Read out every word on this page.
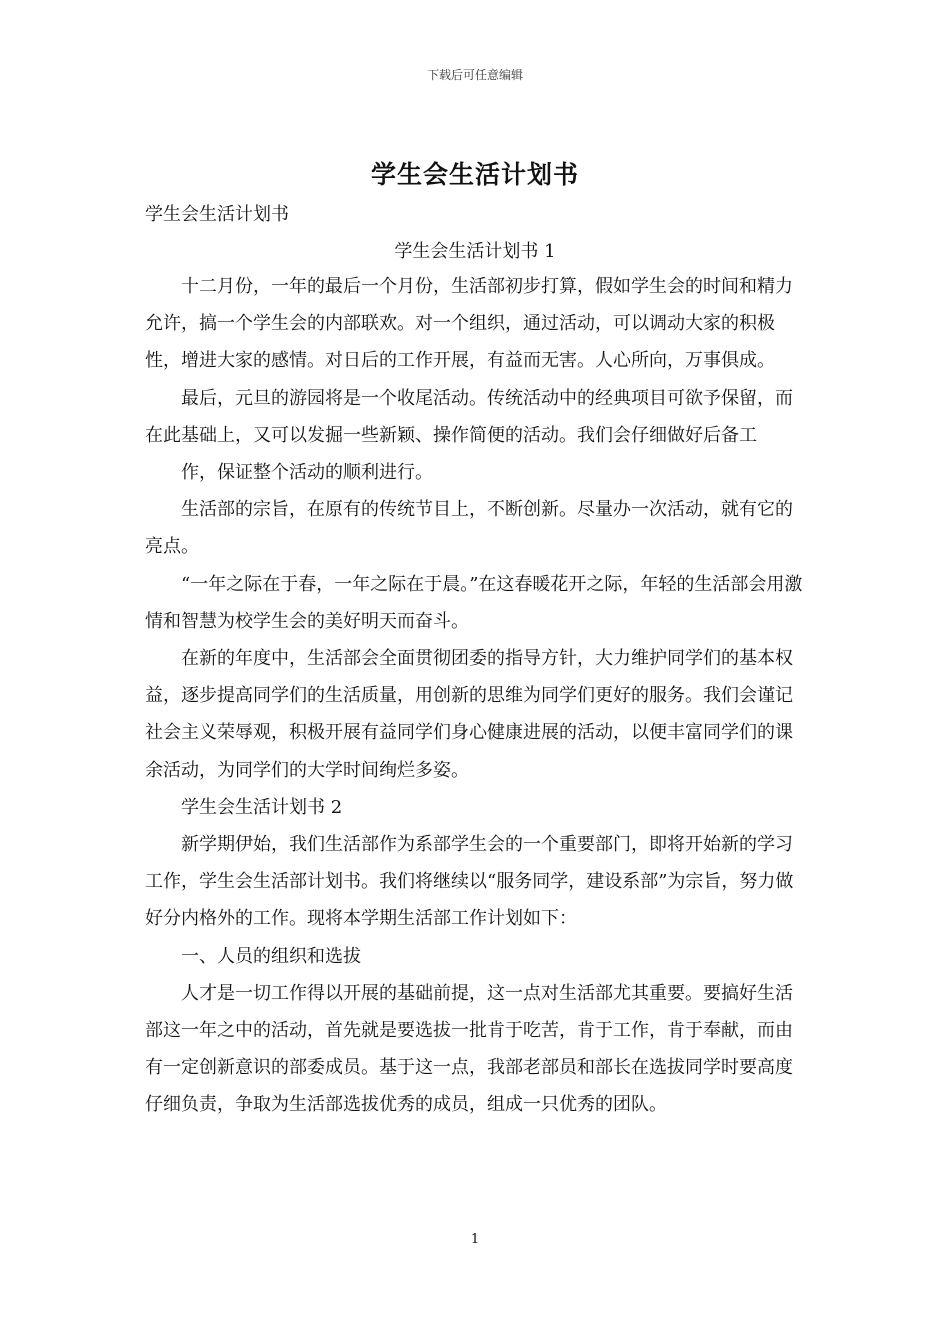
下载后可任意编辑
学生会生活计划书
学生会生活计划书
学生会生活计划书 1

十二月份，一年的最后一个月份，生活部初步打算，假如学生会的时间和精力允许，搞一个学生会的内部联欢。对一个组织，通过活动，可以调动大家的积极性，增进大家的感情。对日后的工作开展，有益而无害。人心所向，万事俱成。

最后，元旦的游园将是一个收尾活动。传统活动中的经典项目可欲予保留，而在此基础上，又可以发掘一些新颖、操作简便的活动。我们会仔细做好后备工

作，保证整个活动的顺利进行。

生活部的宗旨，在原有的传统节目上，不断创新。尽量办一次活动，就有它的亮点。

“一年之际在于春，一年之际在于晨。”在这春暖花开之际，年轻的生活部会用激情和智慧为校学生会的美好明天而奋斗。

在新的年度中，生活部会全面贯彻团委的指导方针，大力维护同学们的基本权益，逐步提高同学们的生活质量，用创新的思维为同学们更好的服务。我们会谨记社会主义荣辱观，积极开展有益同学们身心健康进展的活动，以便丰富同学们的课余活动，为同学们的大学时间绚烂多姿。

学生会生活计划书 2

新学期伊始，我们生活部作为系部学生会的一个重要部门，即将开始新的学习工作，学生会生活部计划书。我们将继续以“服务同学，建设系部”为宗旨，努力做好分内格外的工作。现将本学期生活部工作计划如下：

一、人员的组织和选拔

人才是一切工作得以开展的基础前提，这一点对生活部尤其重要。要搞好生活部这一年之中的活动，首先就是要选拔一批肯于吃苦，肯于工作，肯于奉献，而由有一定创新意识的部委成员。基于这一点，我部老部员和部长在选拔同学时要高度仔细负责，争取为生活部选拔优秀的成员，组成一只优秀的团队。

1
